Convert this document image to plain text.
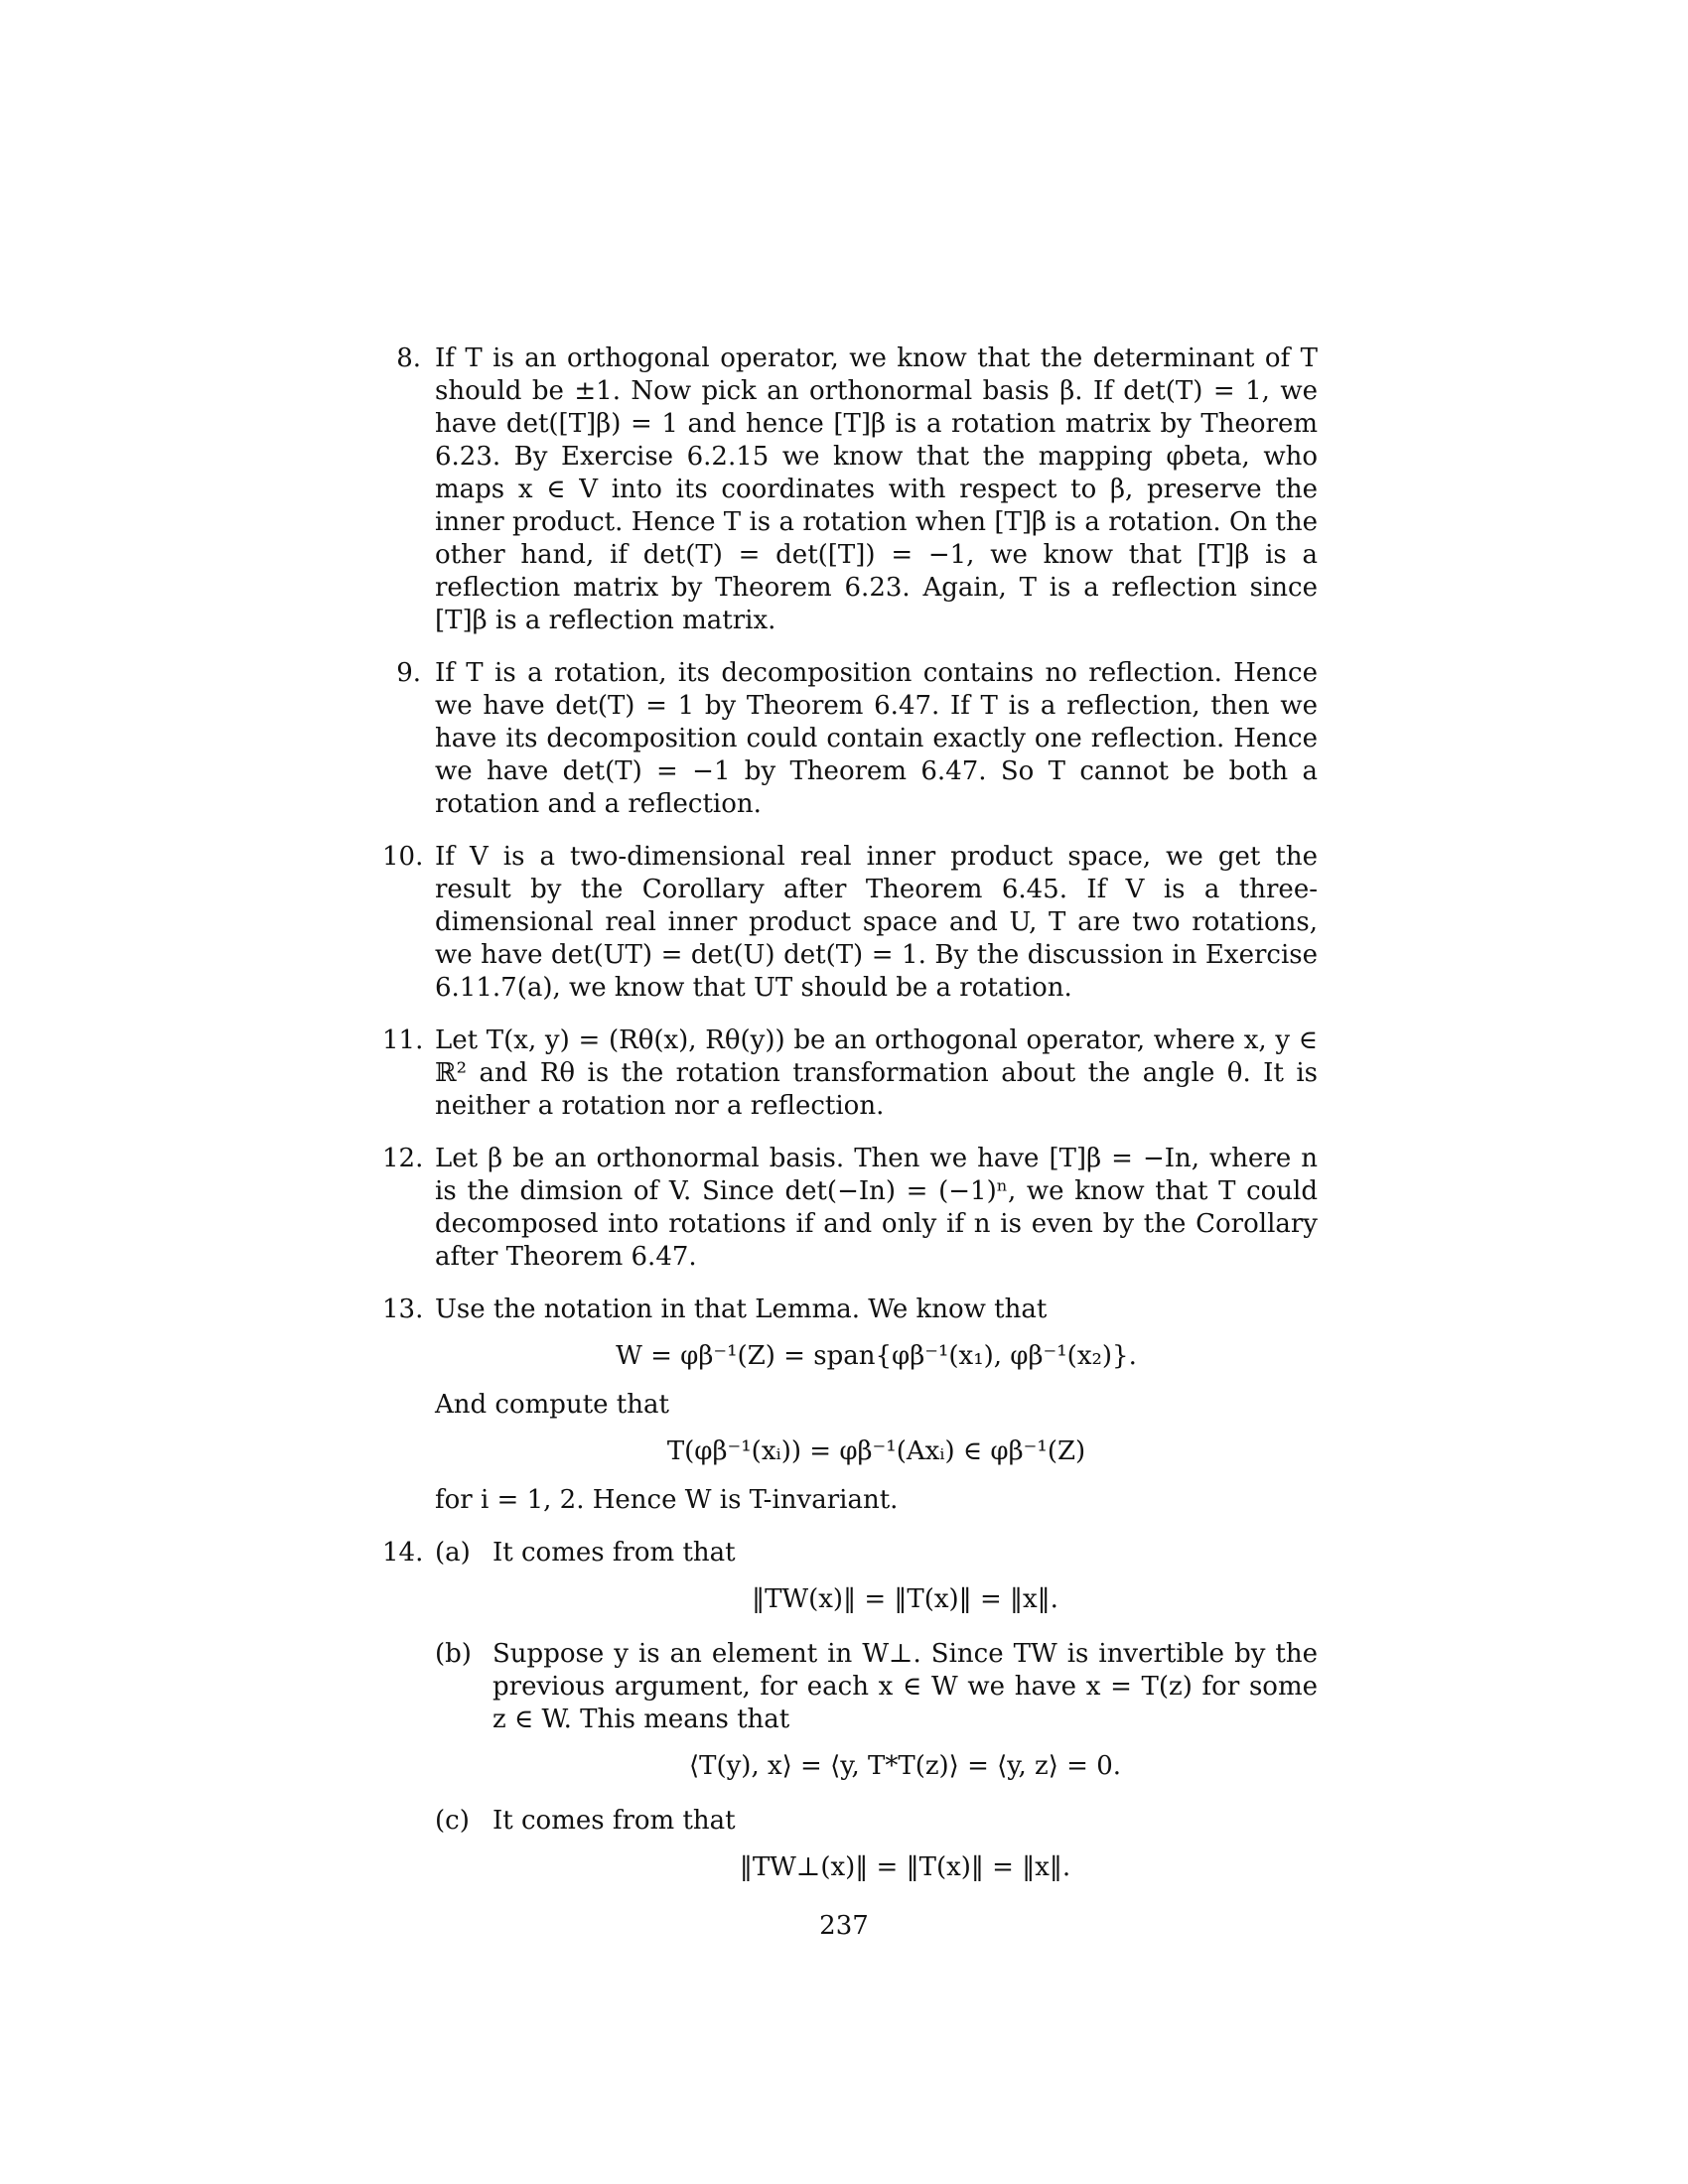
8. If T is an orthogonal operator, we know that the determinant of T should be ±1. Now pick an orthonormal basis β. If det(T) = 1, we have det([T]β) = 1 and hence [T]β is a rotation matrix by Theorem 6.23. By Exercise 6.2.15 we know that the mapping φbeta, who maps x ∈ V into its coordinates with respect to β, preserve the inner product. Hence T is a rotation when [T]β is a rotation. On the other hand, if det(T) = det([T]) = −1, we know that [T]β is a reflection matrix by Theorem 6.23. Again, T is a reflection since [T]β is a reflection matrix.

9. If T is a rotation, its decomposition contains no reflection. Hence we have det(T) = 1 by Theorem 6.47. If T is a reflection, then we have its decomposition could contain exactly one reflection. Hence we have det(T) = −1 by Theorem 6.47. So T cannot be both a rotation and a reflection.

10. If V is a two-dimensional real inner product space, we get the result by the Corollary after Theorem 6.45. If V is a three-dimensional real inner product space and U, T are two rotations, we have det(UT) = det(U) det(T) = 1. By the discussion in Exercise 6.11.7(a), we know that UT should be a rotation.

11. Let T(x, y) = (Rθ(x), Rθ(y)) be an orthogonal operator, where x, y ∈ ℝ² and Rθ is the rotation transformation about the angle θ. It is neither a rotation nor a reflection.

12. Let β be an orthonormal basis. Then we have [T]β = −In, where n is the dimsion of V. Since det(−In) = (−1)ⁿ, we know that T could decomposed into rotations if and only if n is even by the Corollary after Theorem 6.47.

13. Use the notation in that Lemma. We know that

W = φβ⁻¹(Z) = span{φβ⁻¹(x₁), φβ⁻¹(x₂)}.

And compute that

T(φβ⁻¹(xᵢ)) = φβ⁻¹(Axᵢ) ∈ φβ⁻¹(Z)

for i = 1, 2. Hence W is T-invariant.

14. (a) It comes from that

‖TW(x)‖ = ‖T(x)‖ = ‖x‖.
(b) Suppose y is an element in W⊥. Since TW is invertible by the previous argument, for each x ∈ W we have x = T(z) for some z ∈ W. This means that

⟨T(y), x⟩ = ⟨y, T*T(z)⟩ = ⟨y, z⟩ = 0.
(c) It comes from that

‖TW⊥(x)‖ = ‖T(x)‖ = ‖x‖.
237
